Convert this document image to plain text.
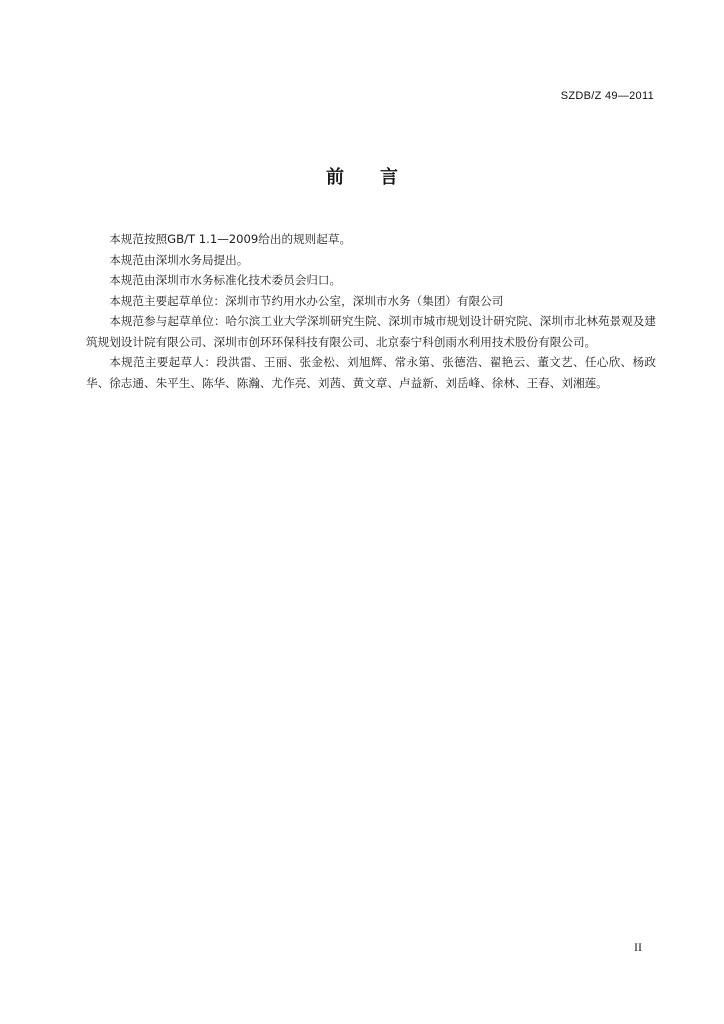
SZDB/Z 49—2011
前 言

本规范按照GB/T 1.1—2009给出的规则起草。

本规范由深圳水务局提出。

本规范由深圳市水务标准化技术委员会归口。

本规范主要起草单位：深圳市节约用水办公室，深圳市水务（集团）有限公司

本规范参与起草单位：哈尔滨工业大学深圳研究生院、深圳市城市规划设计研究院、深圳市北林苑景观及建筑规划设计院有限公司、深圳市创环环保科技有限公司、北京泰宁科创雨水利用技术股份有限公司。

本规范主要起草人：段洪雷、王丽、张金松、刘旭辉、常永第、张德浩、翟艳云、董文艺、任心欣、杨政华、徐志通、朱平生、陈华、陈瀚、尤作亮、刘茜、黄文章、卢益新、刘岳峰、徐林、王春、刘湘莲。

II
